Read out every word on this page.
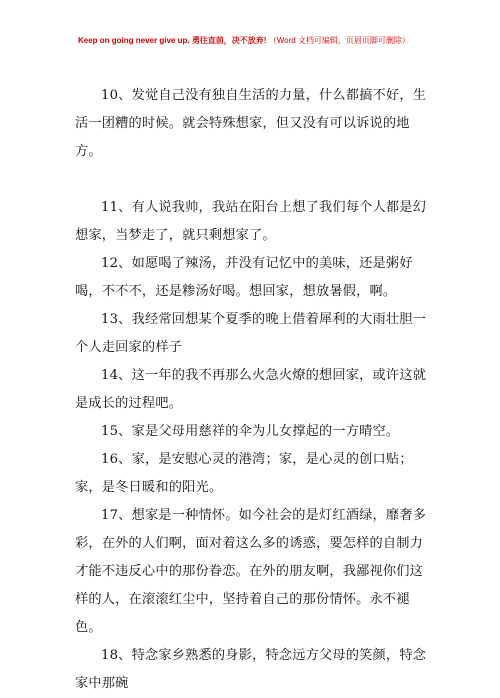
Keep on going never give up. 勇往直前，决不放弃! （Word 文档可编辑，页眉页脚可删除）

10、发觉自己没有独自生活的力量，什么都搞不好，生活一团糟的时候。就会特殊想家，但又没有可以诉说的地方。

11、有人说我帅，我站在阳台上想了我们每个人都是幻想家，当梦走了，就只剩想家了。

12、如愿喝了辣汤，并没有记忆中的美味，还是粥好喝，不不不，还是糁汤好喝。想回家，想放暑假，啊。

13、我经常回想某个夏季的晚上借着犀利的大雨壮胆一个人走回家的样子

14、这一年的我不再那么火急火燎的想回家，或许这就是成长的过程吧。

15、家是父母用慈祥的伞为儿女撑起的一方晴空。

16、家，是安慰心灵的港湾；家，是心灵的创口贴；家，是冬日暖和的阳光。

17、想家是一种情怀。如今社会的是灯红酒绿，靡奢多彩，在外的人们啊，面对着这么多的诱惑，要怎样的自制力才能不违反心中的那份眷恋。在外的朋友啊，我鄙视你们这样的人，在滚滚红尘中，坚持着自己的那份情怀。永不褪色。

18、特念家乡熟悉的身影，特念远方父母的笑颜，特念家中那碗
